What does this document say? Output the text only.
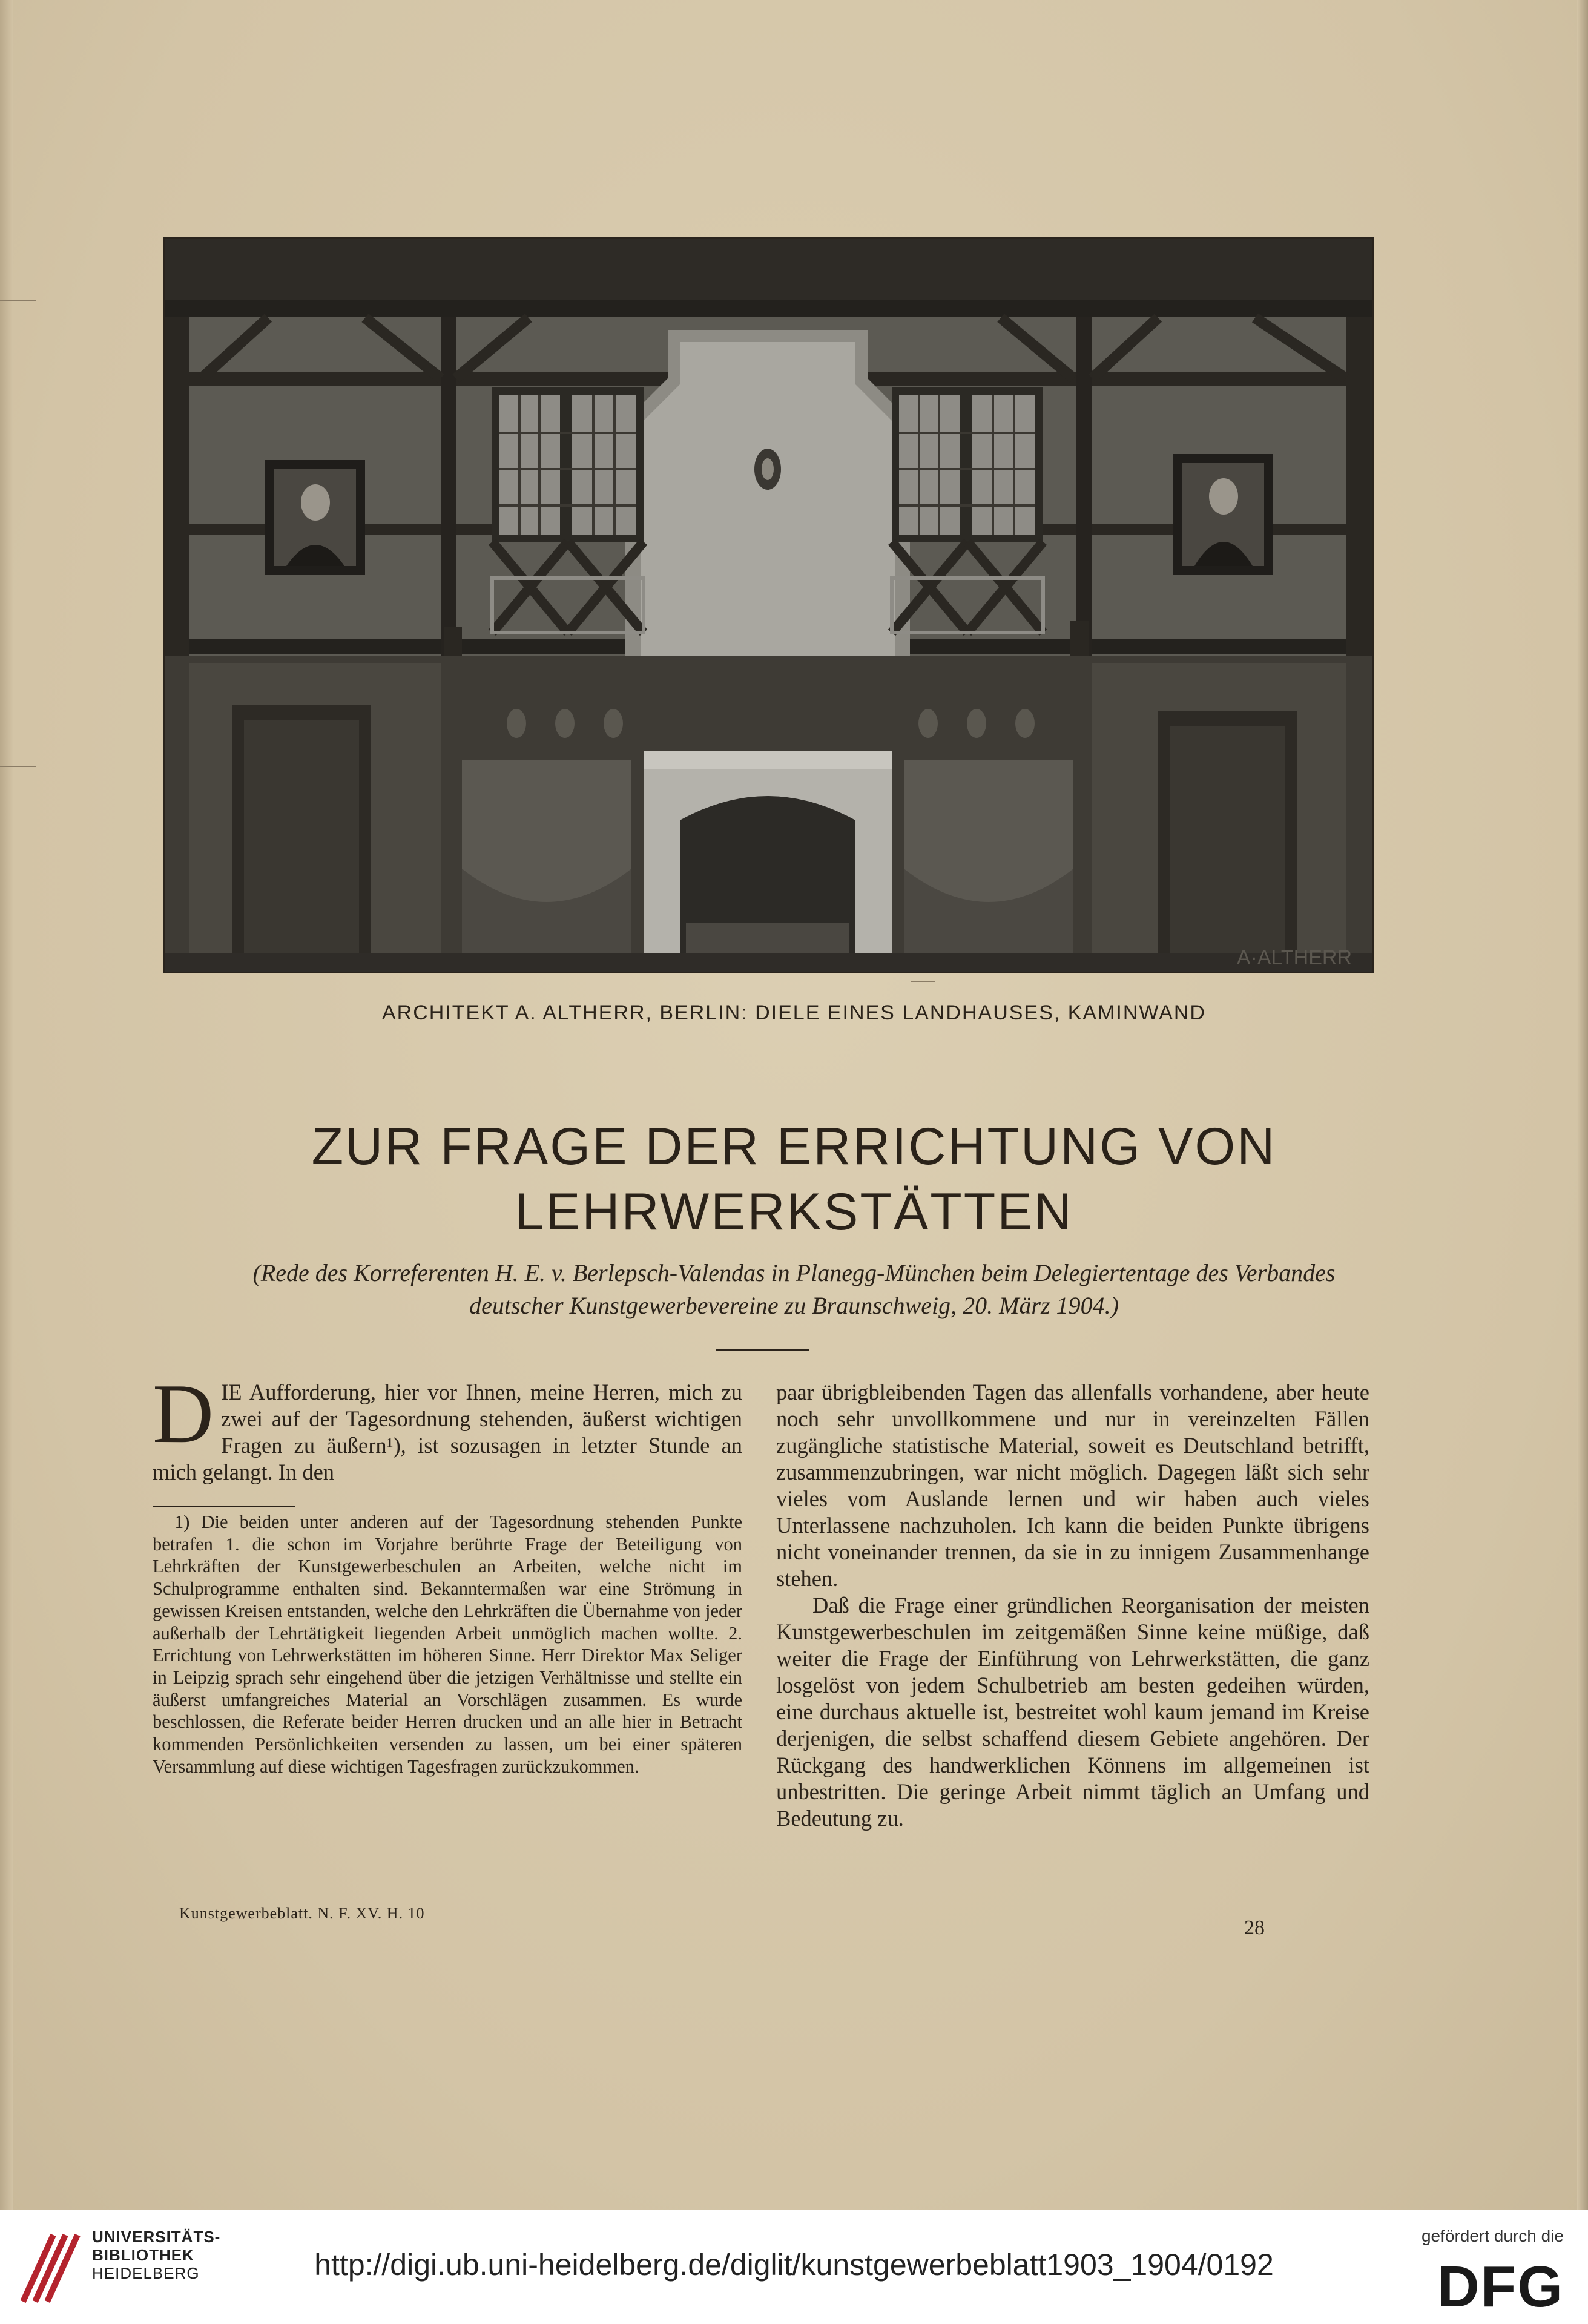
A·ALTHERR
ARCHITEKT A. ALTHERR, BERLIN: DIELE EINES LANDHAUSES, KAMINWAND
ZUR FRAGE DER ERRICHTUNG VON
LEHRWERKSTÄTTEN
(Rede des Korreferenten H. E. v. Berlepsch-Valendas in Planegg-München beim Delegiertentage des Verbandes
deutscher Kunstgewerbevereine zu Braunschweig, 20. März 1904.)

DIE Aufforderung, hier vor Ihnen, meine Herren, mich zu zwei auf der Tagesordnung stehenden, äußerst wichtigen Fragen zu äußern¹), ist sozusagen in letzter Stunde an mich gelangt. In den

1) Die beiden unter anderen auf der Tagesordnung stehenden Punkte betrafen 1. die schon im Vorjahre berührte Frage der Beteiligung von Lehrkräften der Kunstgewerbeschulen an Arbeiten, welche nicht im Schulprogramme enthalten sind. Bekanntermaßen war eine Strömung in gewissen Kreisen entstanden, welche den Lehrkräften die Übernahme von jeder außerhalb der Lehrtätigkeit liegenden Arbeit unmöglich machen wollte. 2. Errichtung von Lehrwerkstätten im höheren Sinne. Herr Direktor Max Seliger in Leipzig sprach sehr eingehend über die jetzigen Verhältnisse und stellte ein äußerst umfangreiches Material an Vorschlägen zusammen. Es wurde beschlossen, die Referate beider Herren drucken und an alle hier in Betracht kommenden Persönlichkeiten versenden zu lassen, um bei einer späteren Versammlung auf diese wichtigen Tagesfragen zurückzukommen.

paar übrigbleibenden Tagen das allenfalls vorhandene, aber heute noch sehr unvollkommene und nur in vereinzelten Fällen zugängliche statistische Material, soweit es Deutschland betrifft, zusammenzubringen, war nicht möglich. Dagegen läßt sich sehr vieles vom Auslande lernen und wir haben auch vieles Unterlassene nachzuholen. Ich kann die beiden Punkte übrigens nicht voneinander trennen, da sie in zu innigem Zusammenhange stehen.

Daß die Frage einer gründlichen Reorganisation der meisten Kunstgewerbeschulen im zeitgemäßen Sinne keine müßige, daß weiter die Frage der Einführung von Lehrwerkstätten, die ganz losgelöst von jedem Schulbetrieb am besten gedeihen würden, eine durchaus aktuelle ist, bestreitet wohl kaum jemand im Kreise derjenigen, die selbst schaffend diesem Gebiete angehören. Der Rückgang des handwerklichen Könnens im allgemeinen ist unbestritten. Die geringe Arbeit nimmt täglich an Umfang und Bedeutung zu.

Kunstgewerbeblatt. N. F. XV. H. 10
28
UNIVERSITÄTS-
BIBLIOTHEK
HEIDELBERG	http://digi.ub.uni-heidelberg.de/diglit/kunstgewerbeblatt1903_1904/0192
gefördert durch die
DFG
